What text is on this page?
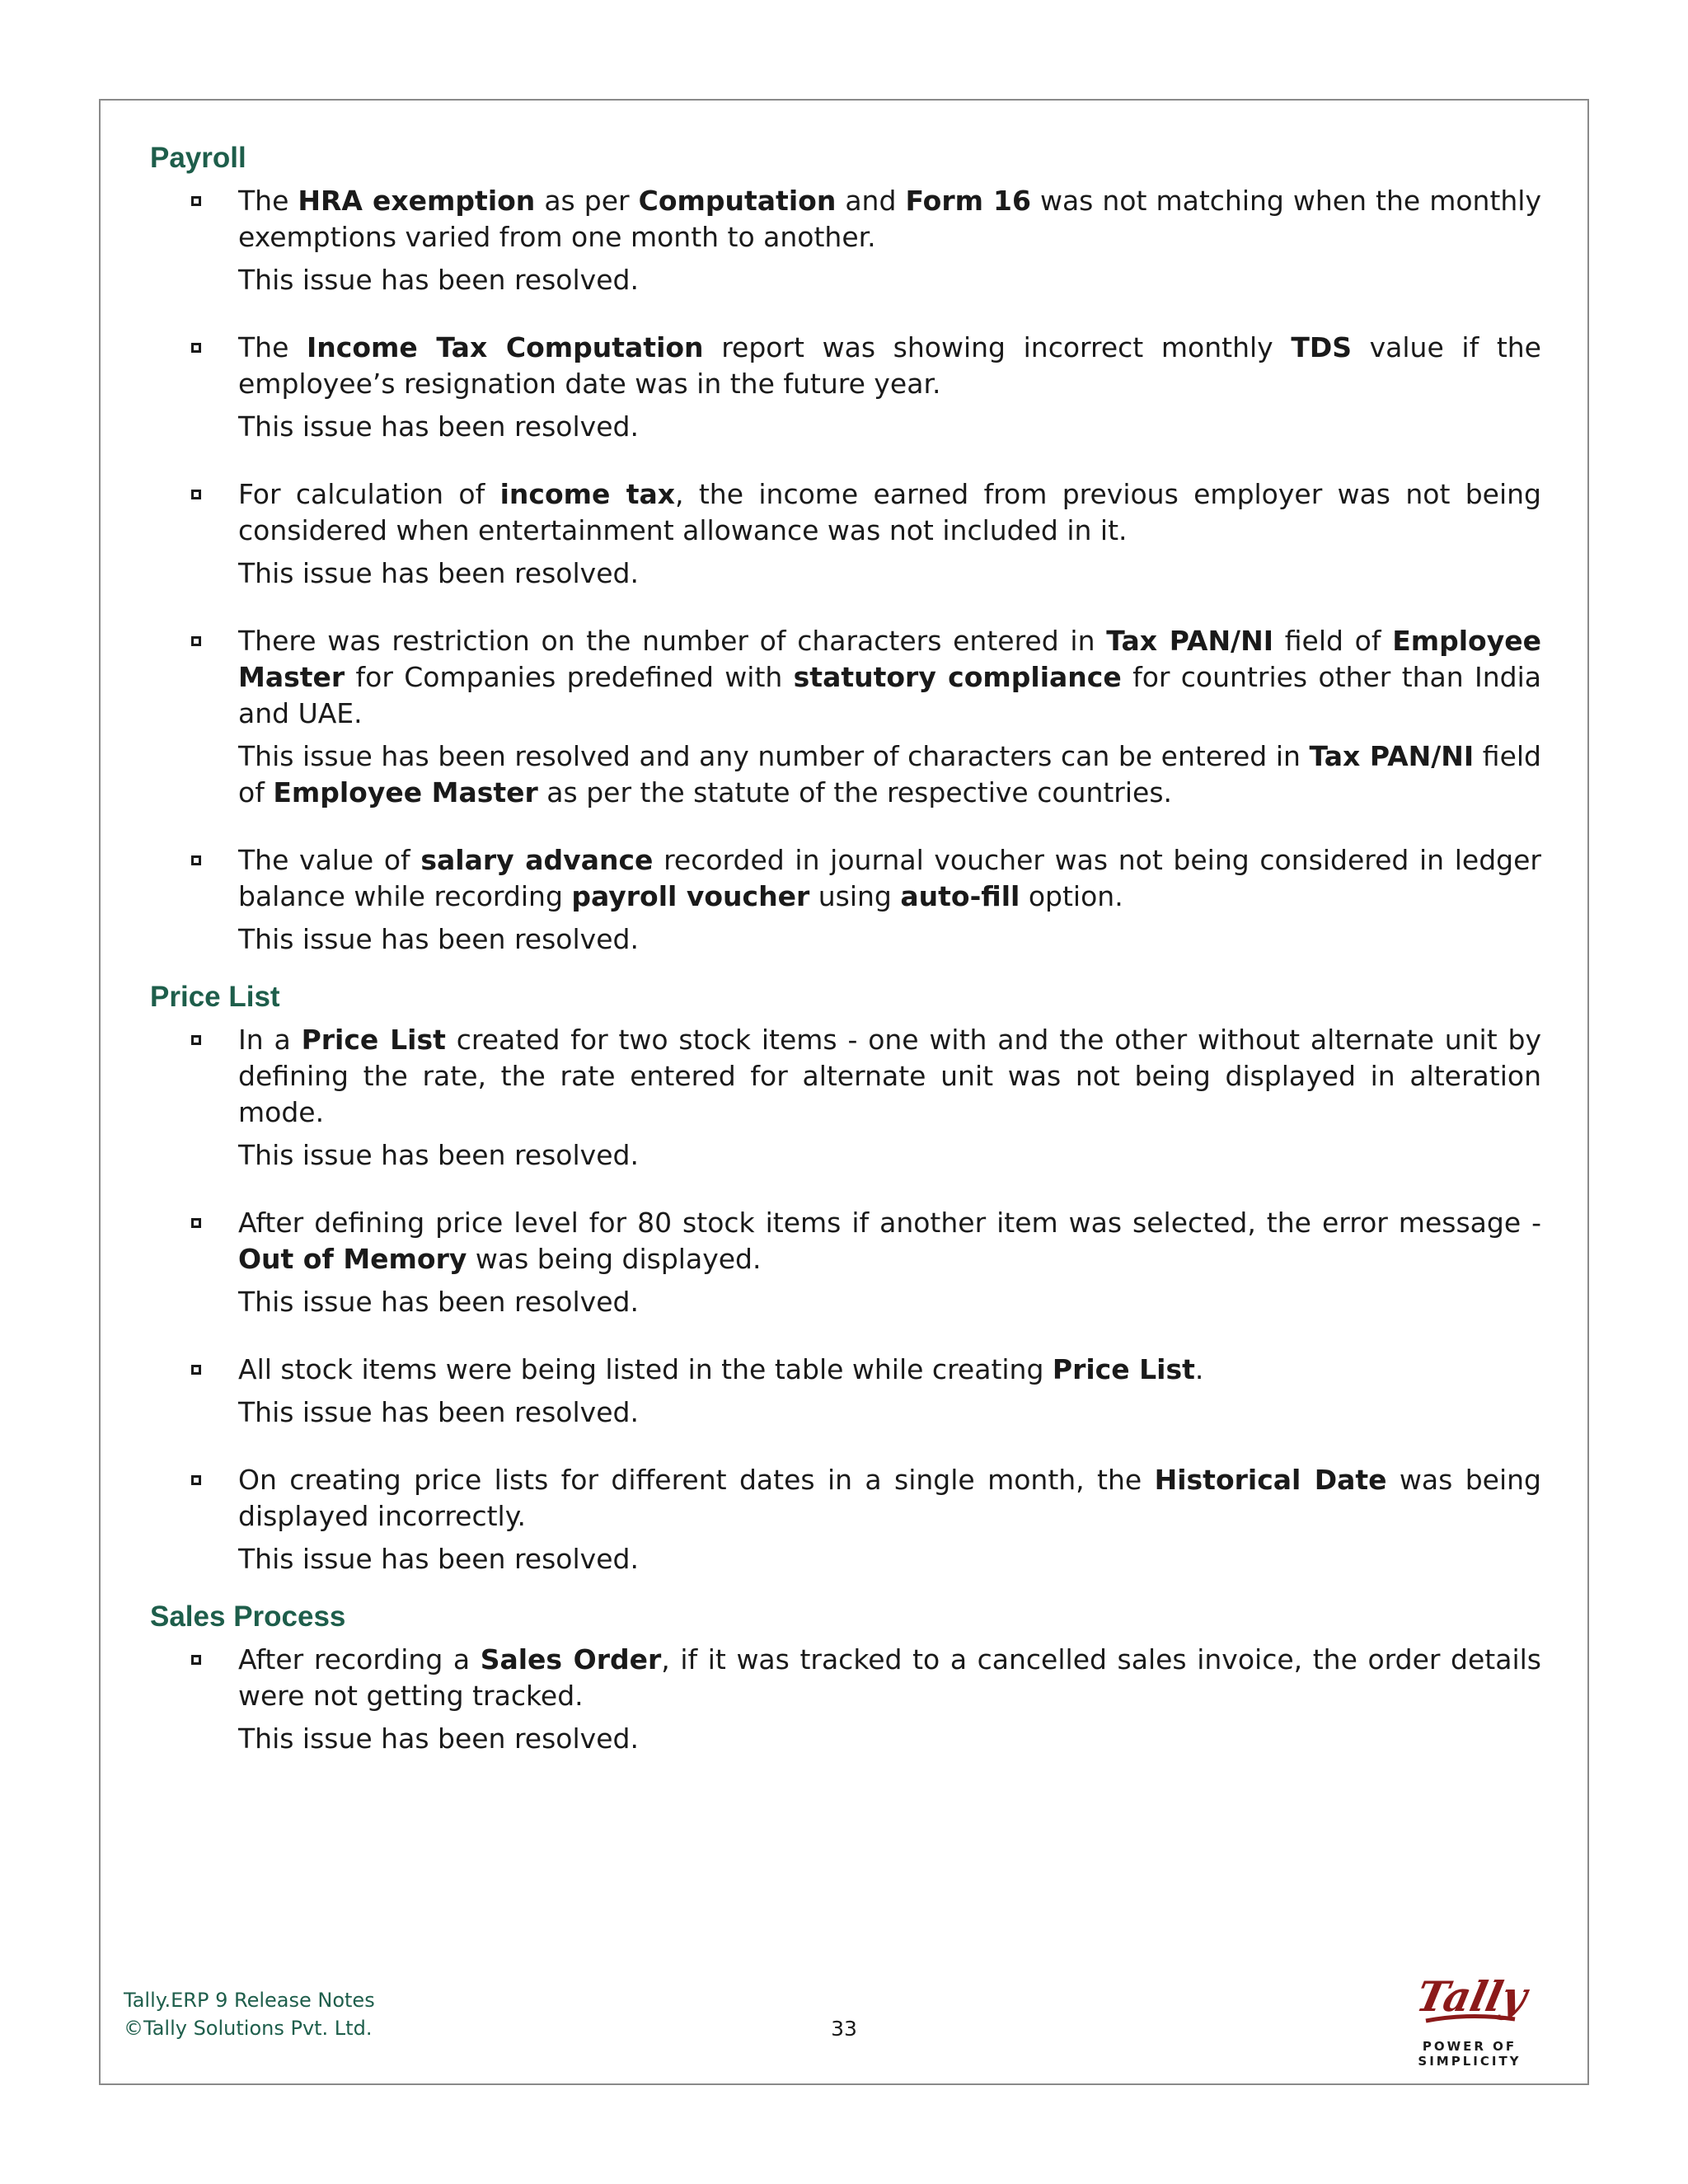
Payroll

The HRA exemption as per Computation and Form 16 was not matching when the monthly exemptions varied from one month to another.

This issue has been resolved.

The Income Tax Computation report was showing incorrect monthly TDS value if the employee’s resignation date was in the future year.

This issue has been resolved.

For calculation of income tax, the income earned from previous employer was not being considered when entertainment allowance was not included in it.

This issue has been resolved.

There was restriction on the number of characters entered in Tax PAN/NI field of Employee Master for Companies predefined with statutory compliance for countries other than India and UAE.

This issue has been resolved and any number of characters can be entered in Tax PAN/NI field of Employee Master as per the statute of the respective countries.

The value of salary advance recorded in journal voucher was not being considered in ledger balance while recording payroll voucher using auto-fill option.

This issue has been resolved.

Price List

In a Price List created for two stock items - one with and the other without alternate unit by defining the rate, the rate entered for alternate unit was not being displayed in alteration mode.

This issue has been resolved.

After defining price level for 80 stock items if another item was selected, the error message - Out of Memory was being displayed.

This issue has been resolved.

All stock items were being listed in the table while creating Price List.

This issue has been resolved.

On creating price lists for different dates in a single month, the Historical Date was being displayed incorrectly.

This issue has been resolved.

Sales Process

After recording a Sales Order, if it was tracked to a cancelled sales invoice, the order details were not getting tracked.

This issue has been resolved.

Tally.ERP 9 Release Notes
©Tally Solutions Pvt. Ltd.	33
Tally
POWER OF SIMPLICITY
